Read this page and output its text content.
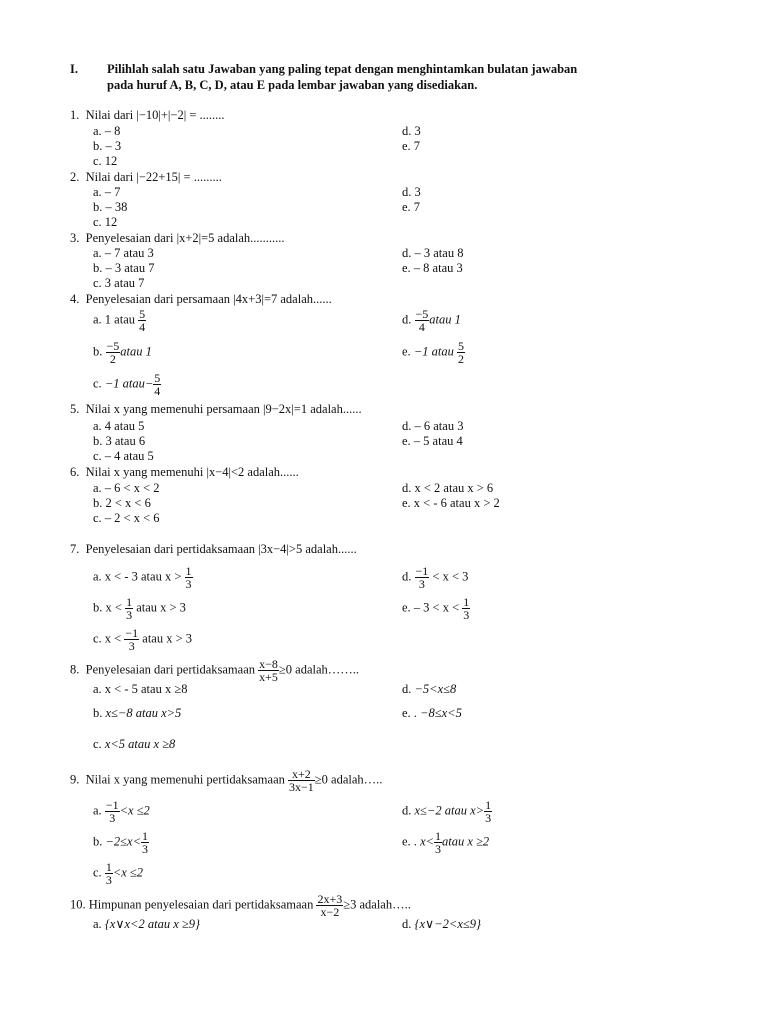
I. Pilihlah salah satu Jawaban yang paling tepat dengan menghintamkan bulatan jawaban
pada huruf A, B, C, D, atau E pada lembar jawaban yang disediakan.
1. Nilai dari |−10|+|−2| = ........
a. – 8
b. – 3
c. 12
d. 3
e. 7
2. Nilai dari |−22+15| = .........
a. – 7
b. – 38
c. 12
d. 3
e. 7
3. Penyelesaian dari |x+2|=5 adalah...........
a. – 7 atau 3
b. – 3 atau 7
c. 3 atau 7
d. – 3 atau 8
e. – 8 atau 3
4. Penyelesaian dari persamaan |4x+3|=7 adalah......
a. 1 atau $\frac{5}{4}$
b. $\frac{-5}{2}$ atau 1
c. −1 atau− $\frac{5}{4}$
d. $\frac{-5}{4}$ atau 1
e. −1 atau $\frac{5}{2}$
5. Nilai x yang memenuhi persamaan |9−2x|=1 adalah......
a. 4 atau 5
b. 3 atau 6
c. – 4 atau 5
d. – 6 atau 3
e. – 5 atau 4
6. Nilai x yang memenuhi |x−4|<2 adalah......
a. – 6 < x < 2
b. 2 < x < 6
c. – 2 < x < 6
d. x < 2 atau x > 6
e. x < - 6 atau x > 2
7. Penyelesaian dari pertidaksamaan |3x−4|>5 adalah......
a. x < - 3 atau $x > \frac{1}{3}$
b. $x < \frac{1}{3}$ atau x > 3
c. $x < \frac{-1}{3}$ atau x > 3
d. $\frac{-1}{3} < x < 3$
e. – $3 < x < \frac{1}{3}$
8. Penyelesaian dari pertidaksamaan $\frac{x-8}{x+5} \ge 0$ adalah……..
a. x < - 5 atau x ≥8
b. x≤−8 atau x>5
c. x<5 atau x ≥8
d. −5<x≤8
e. . −8≤x<5
9. Nilai x yang memenuhi pertidaksamaan $\frac{x+2}{3x-1} \ge 0$ adalah…..
a. $\frac{-1}{3} <x \le 2$
b. $-2\le x< \frac{1}{3}$
c. $\frac{1}{3} <x \le 2$
d. x≤−2 atau $x> \frac{1}{3}$
e. . $x< \frac{1}{3}$ atau x ≥2
10. Himpunan penyelesaian dari pertidaksamaan $\frac{2x+3}{x-2} \ge 3$ adalah…..
a. {x∨x<2 atau x ≥9}	d. {x∨−2<x≤9}
